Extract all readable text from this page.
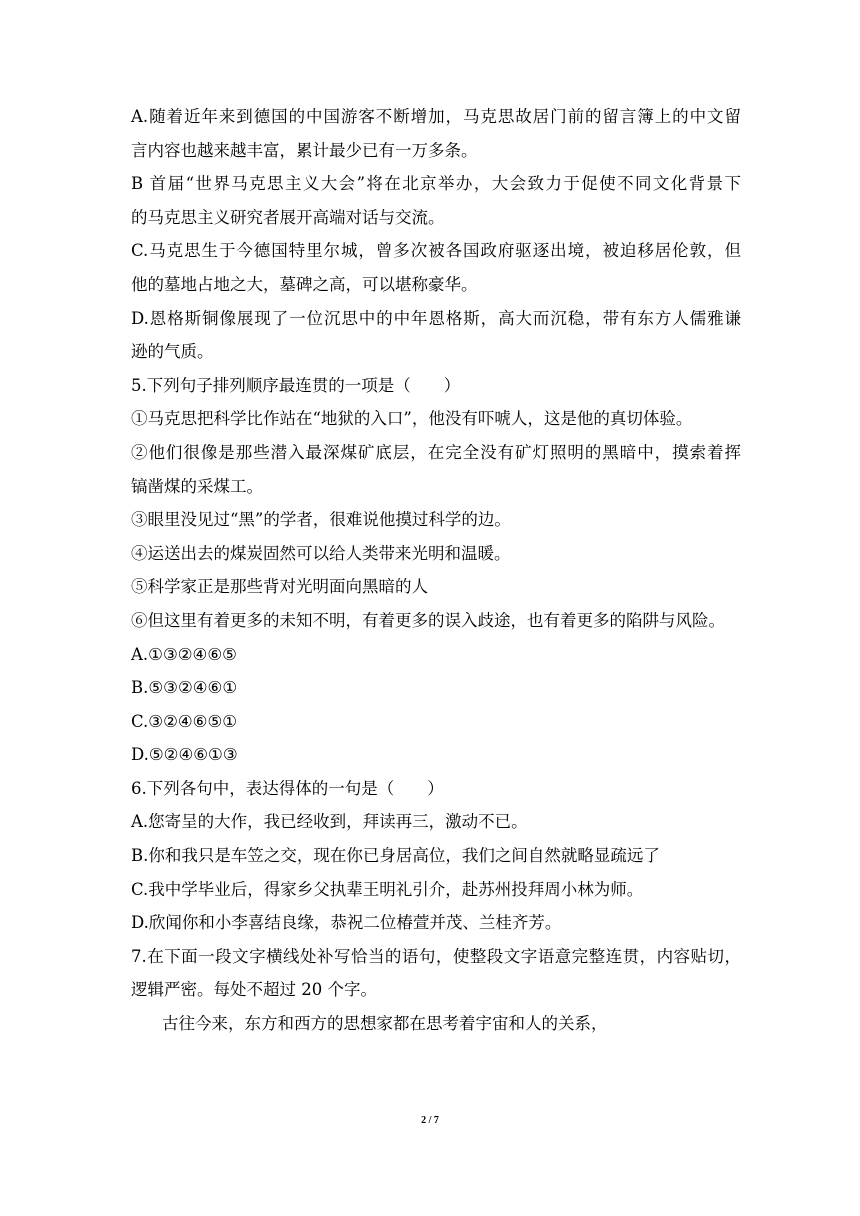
A.随着近年来到德国的中国游客不断增加，马克思故居门前的留言簿上的中文留
言内容也越来越丰富，累计最少已有一万多条。
B 首届“世界马克思主义大会”将在北京举办，大会致力于促使不同文化背景下
的马克思主义研究者展开高端对话与交流。
C.马克思生于今德国特里尔城，曾多次被各国政府驱逐出境，被迫移居伦敦，但
他的墓地占地之大，墓碑之高，可以堪称豪华。
D.恩格斯铜像展现了一位沉思中的中年恩格斯，高大而沉稳，带有东方人儒雅谦
逊的气质。
5.下列句子排列顺序最连贯的一项是（　　）
①马克思把科学比作站在“地狱的入口”，他没有吓唬人，这是他的真切体验。
②他们很像是那些潜入最深煤矿底层，在完全没有矿灯照明的黑暗中，摸索着挥
镐凿煤的采煤工。
③眼里没见过“黑”的学者，很难说他摸过科学的边。
④运送出去的煤炭固然可以给人类带来光明和温暖。
⑤科学家正是那些背对光明面向黑暗的人
⑥但这里有着更多的未知不明，有着更多的误入歧途，也有着更多的陷阱与风险。
A.①③②④⑥⑤
B.⑤③②④⑥①
C.③②④⑥⑤①
D.⑤②④⑥①③
6.下列各句中，表达得体的一句是（　　）
A.您寄呈的大作，我已经收到，拜读再三，激动不已。
B.你和我只是车笠之交，现在你已身居高位，我们之间自然就略显疏远了
C.我中学毕业后，得家乡父执辈王明礼引介，赴苏州投拜周小林为师。
D.欣闻你和小李喜结良缘，恭祝二位椿萱并茂、兰桂齐芳。
7.在下面一段文字横线处补写恰当的语句，使整段文字语意完整连贯，内容贴切，
逻辑严密。每处不超过 20 个字。
古往今来，东方和西方的思想家都在思考着宇宙和人的关系，
2 / 7
